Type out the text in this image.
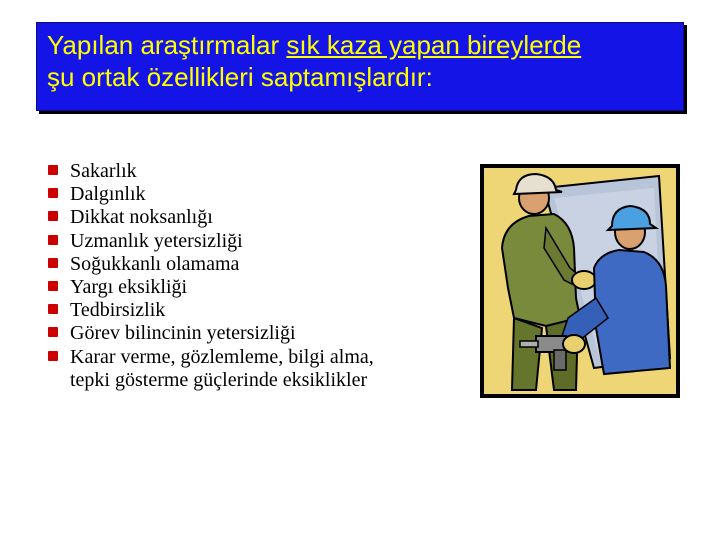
Yapılan araştırmalar sık kaza yapan bireylerde
şu ortak özellikleri saptamışlardır:
Sakarlık
Dalgınlık
Dikkat noksanlığı
Uzmanlık yetersizliği
Soğukkanlı olamama
Yargı eksikliği
Tedbirsizlik
Görev bilincinin yetersizliği
Karar verme, gözlemleme, bilgi alma,
tepki gösterme güçlerinde eksiklikler
